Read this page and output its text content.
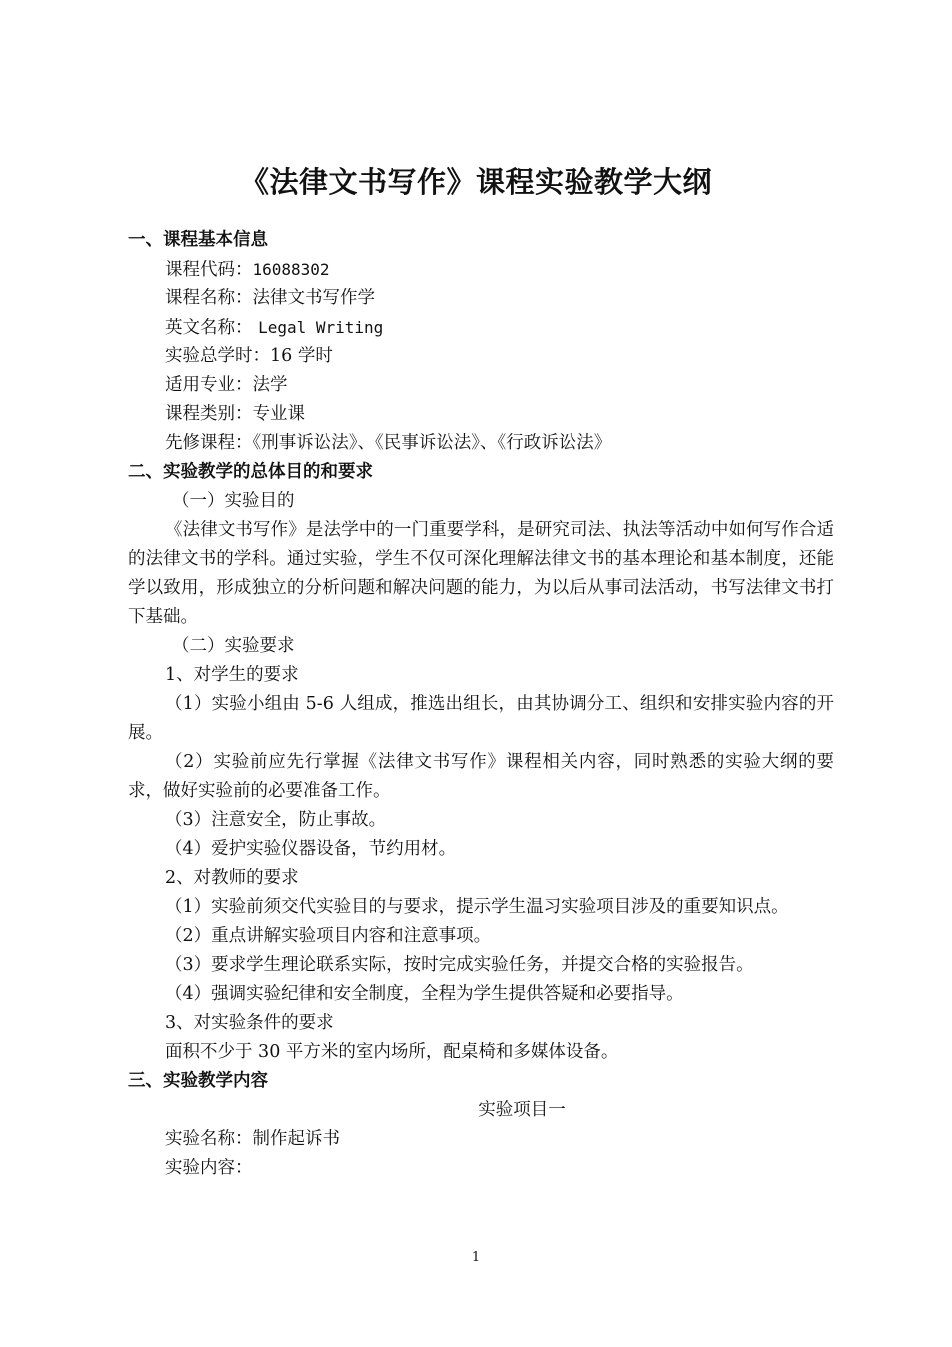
《法律文书写作》课程实验教学大纲
一、课程基本信息
课程代码：16088302
课程名称：法律文书写作学
英文名称： Legal Writing
实验总学时：16 学时
适用专业：法学
课程类别：专业课
先修课程：《刑事诉讼法》、《民事诉讼法》、《行政诉讼法》
二、实验教学的总体目的和要求
（一）实验目的
《法律文书写作》是法学中的一门重要学科，是研究司法、执法等活动中如何写作合适的法律文书的学科。通过实验，学生不仅可深化理解法律文书的基本理论和基本制度，还能学以致用，形成独立的分析问题和解决问题的能力，为以后从事司法活动，书写法律文书打下基础。
（二）实验要求
1、对学生的要求
（1）实验小组由 5-6 人组成，推选出组长，由其协调分工、组织和安排实验内容的开展。
（2）实验前应先行掌握《法律文书写作》课程相关内容，同时熟悉的实验大纲的要求，做好实验前的必要准备工作。
（3）注意安全，防止事故。
（4）爱护实验仪器设备，节约用材。
2、对教师的要求
（1）实验前须交代实验目的与要求，提示学生温习实验项目涉及的重要知识点。
（2）重点讲解实验项目内容和注意事项。
（3）要求学生理论联系实际，按时完成实验任务，并提交合格的实验报告。
（4）强调实验纪律和安全制度，全程为学生提供答疑和必要指导。
3、对实验条件的要求
面积不少于 30 平方米的室内场所，配桌椅和多媒体设备。
三、实验教学内容
实验项目一
实验名称：制作起诉书
实验内容：
1
